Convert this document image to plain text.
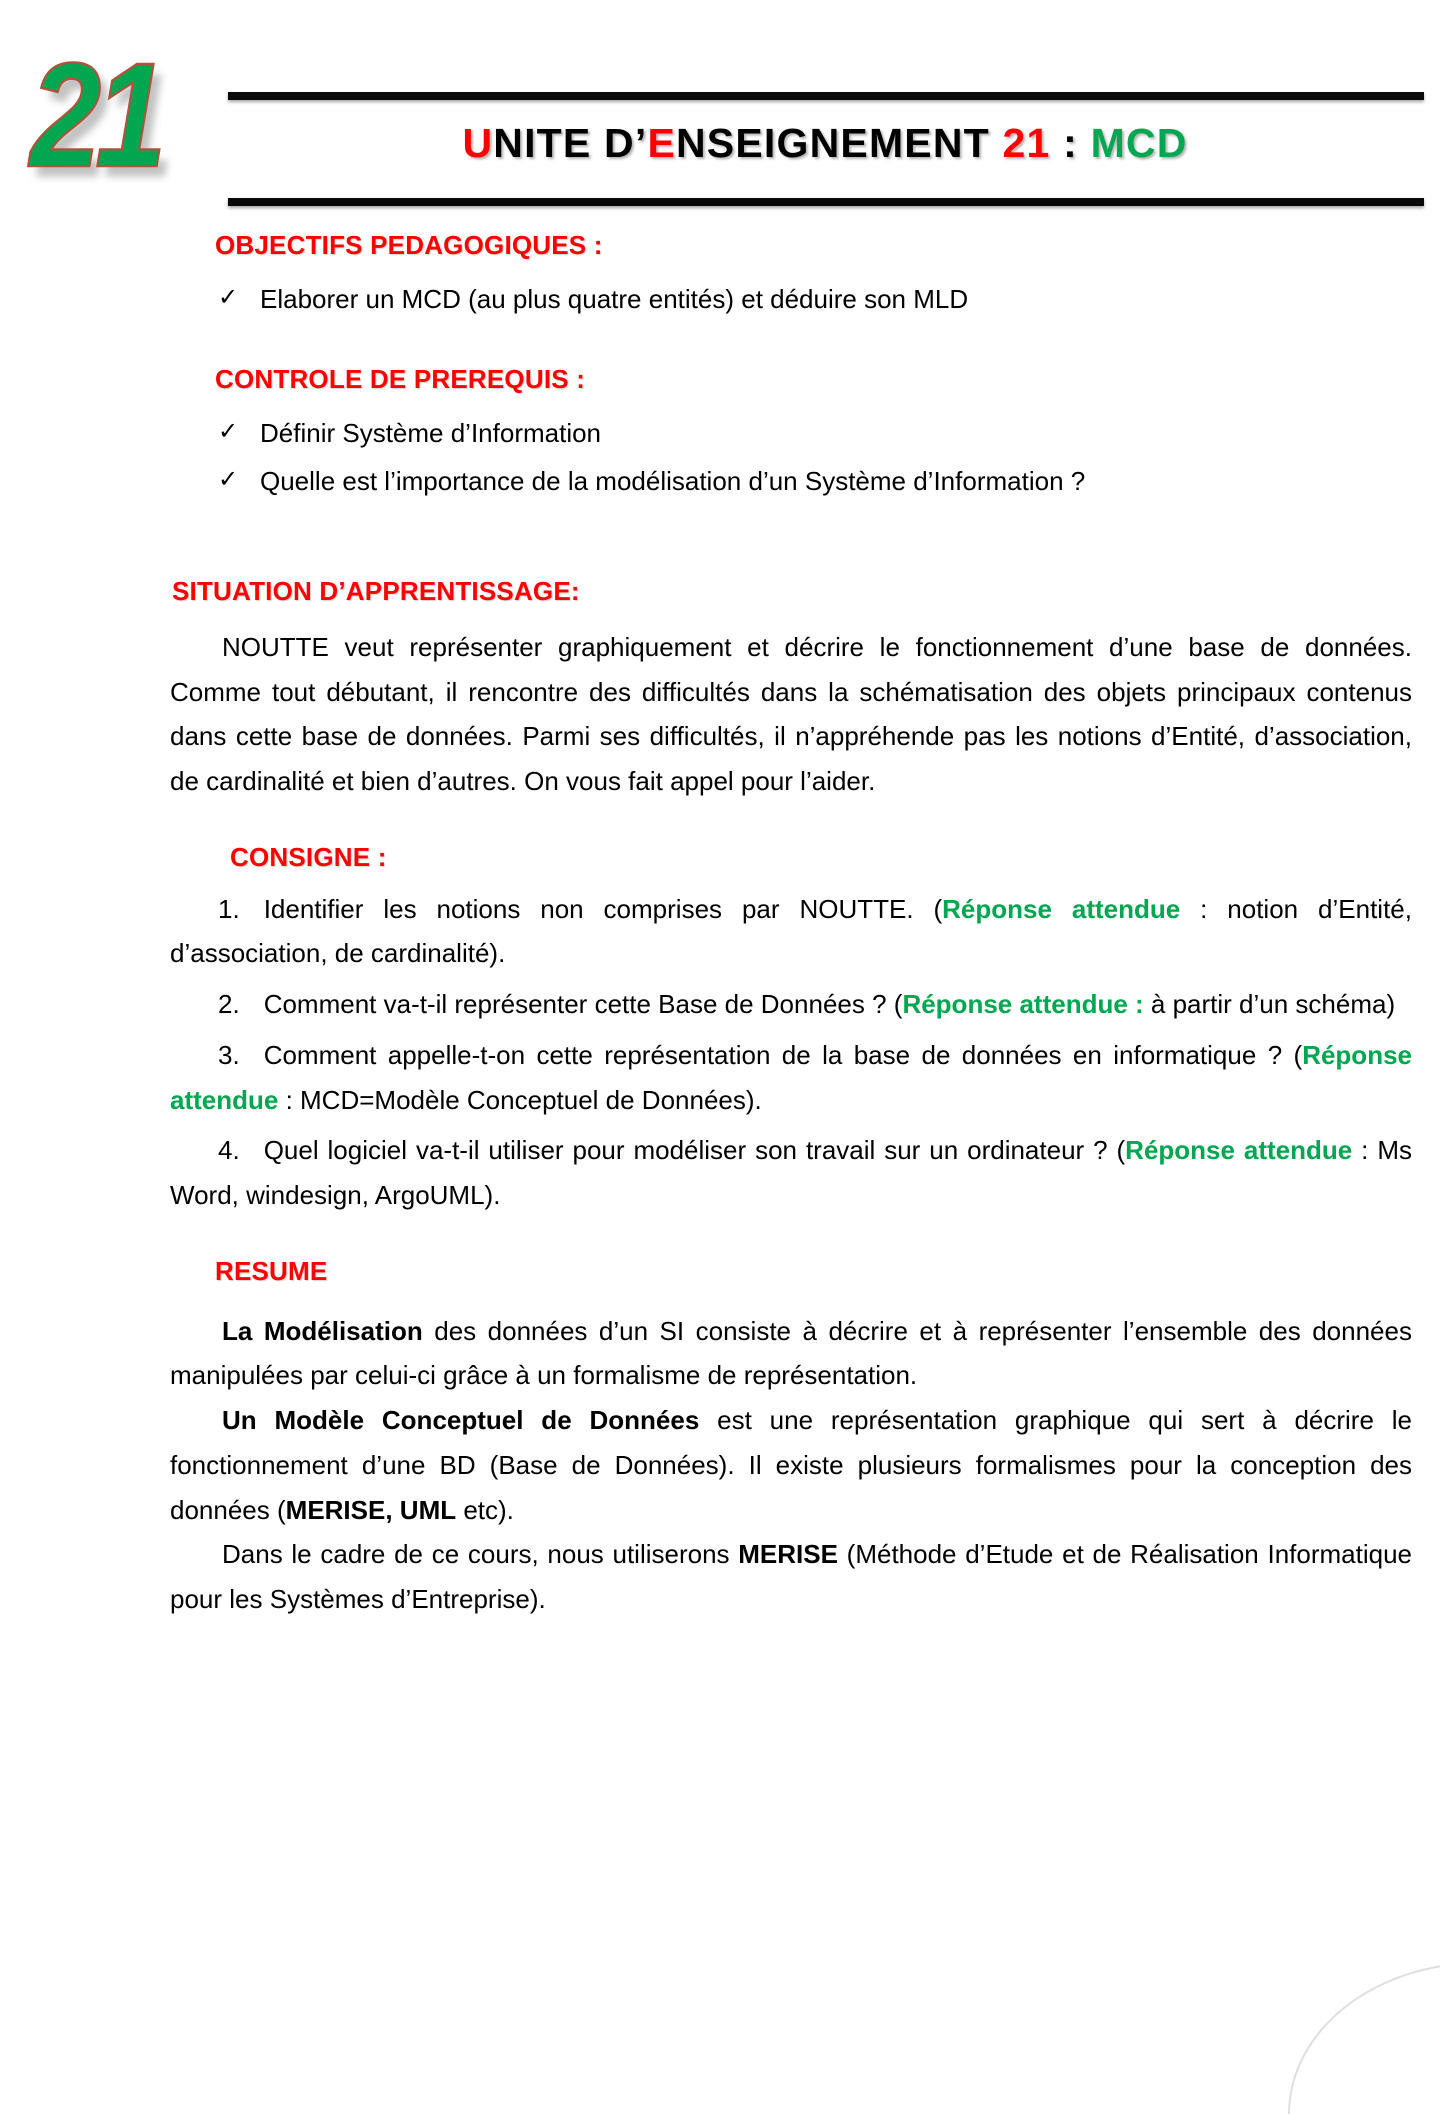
21	UNITE D’ENSEIGNEMENT 21 : MCD
OBJECTIFS PEDAGOGIQUES :
✓ Elaborer un MCD (au plus quatre entités) et déduire son MLD
CONTROLE DE PREREQUIS :
✓ Définir Système d’Information
✓ Quelle est l’importance de la modélisation d’un Système d’Information ?
SITUATION D’APPRENTISSAGE:
NOUTTE veut représenter graphiquement et décrire le fonctionnement d’une base de données. Comme tout débutant, il rencontre des difficultés dans la schématisation des objets principaux contenus dans cette base de données. Parmi ses difficultés, il n’appréhende pas les notions d’Entité, d’association, de cardinalité et bien d’autres. On vous fait appel pour l’aider.
CONSIGNE :
1. Identifier les notions non comprises par NOUTTE. (Réponse attendue : notion d’Entité, d’association, de cardinalité).
2. Comment va-t-il représenter cette Base de Données ? (Réponse attendue : à partir d’un schéma)
3. Comment appelle-t-on cette représentation de la base de données en informatique ? (Réponse attendue : MCD=Modèle Conceptuel de Données).
4. Quel logiciel va-t-il utiliser pour modéliser son travail sur un ordinateur ? (Réponse attendue : Ms Word, windesign, ArgoUML).
RESUME
La Modélisation des données d’un SI consiste à décrire et à représenter l’ensemble des données manipulées par celui-ci grâce à un formalisme de représentation.
Un Modèle Conceptuel de Données est une représentation graphique qui sert à décrire le fonctionnement d’une BD (Base de Données). Il existe plusieurs formalismes pour la conception des données (MERISE, UML etc).
Dans le cadre de ce cours, nous utiliserons MERISE (Méthode d’Etude et de Réalisation Informatique pour les Systèmes d’Entreprise).
